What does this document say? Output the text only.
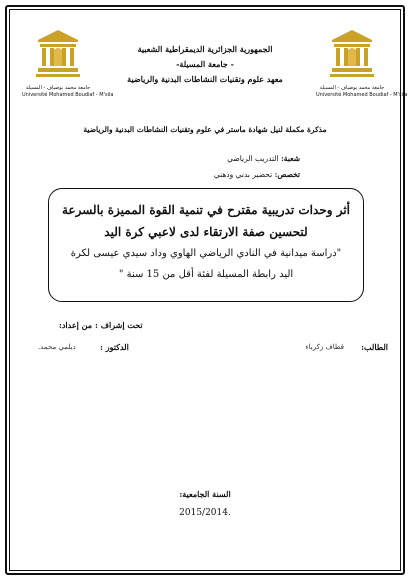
جامعة محمد بوضياف - المسيلة
Université Mohamed Boudiaf - M'sila
جامعة محمد بوضياف - المسيلة
Université Mohamed Boudiaf - M'sila
الجمهورية الجزائرية الديمقراطية الشعبية
- جامعة المسيلة-
معهد علوم وتقنيات النشاطات البدنية والرياضية
مذكرة مكملة لنيل شهادة ماستر في علوم وتقنيات النشاطات البدنية والرياضية
شعبة: التدريب الرياضي
تخصص: تحضير بدني وذهني
أثر وحدات تدريبية مقترح في تنمية القوة المميزة بالسرعة
لتحسين صفة الارتقاء لدى لاعبي كرة اليد
"دراسة ميدانية في النادي الرياضي الهاوي وداد سيدي عيسى لكرة
اليد رابطة المسيلة لفئة أقل من 15 سنة "
من إعداد: تحت إشراف :
الطالب:
قطاف زكرياء
الدكتور :
ديلمي محمد.
السنة الجامعية:
2015/2014.
